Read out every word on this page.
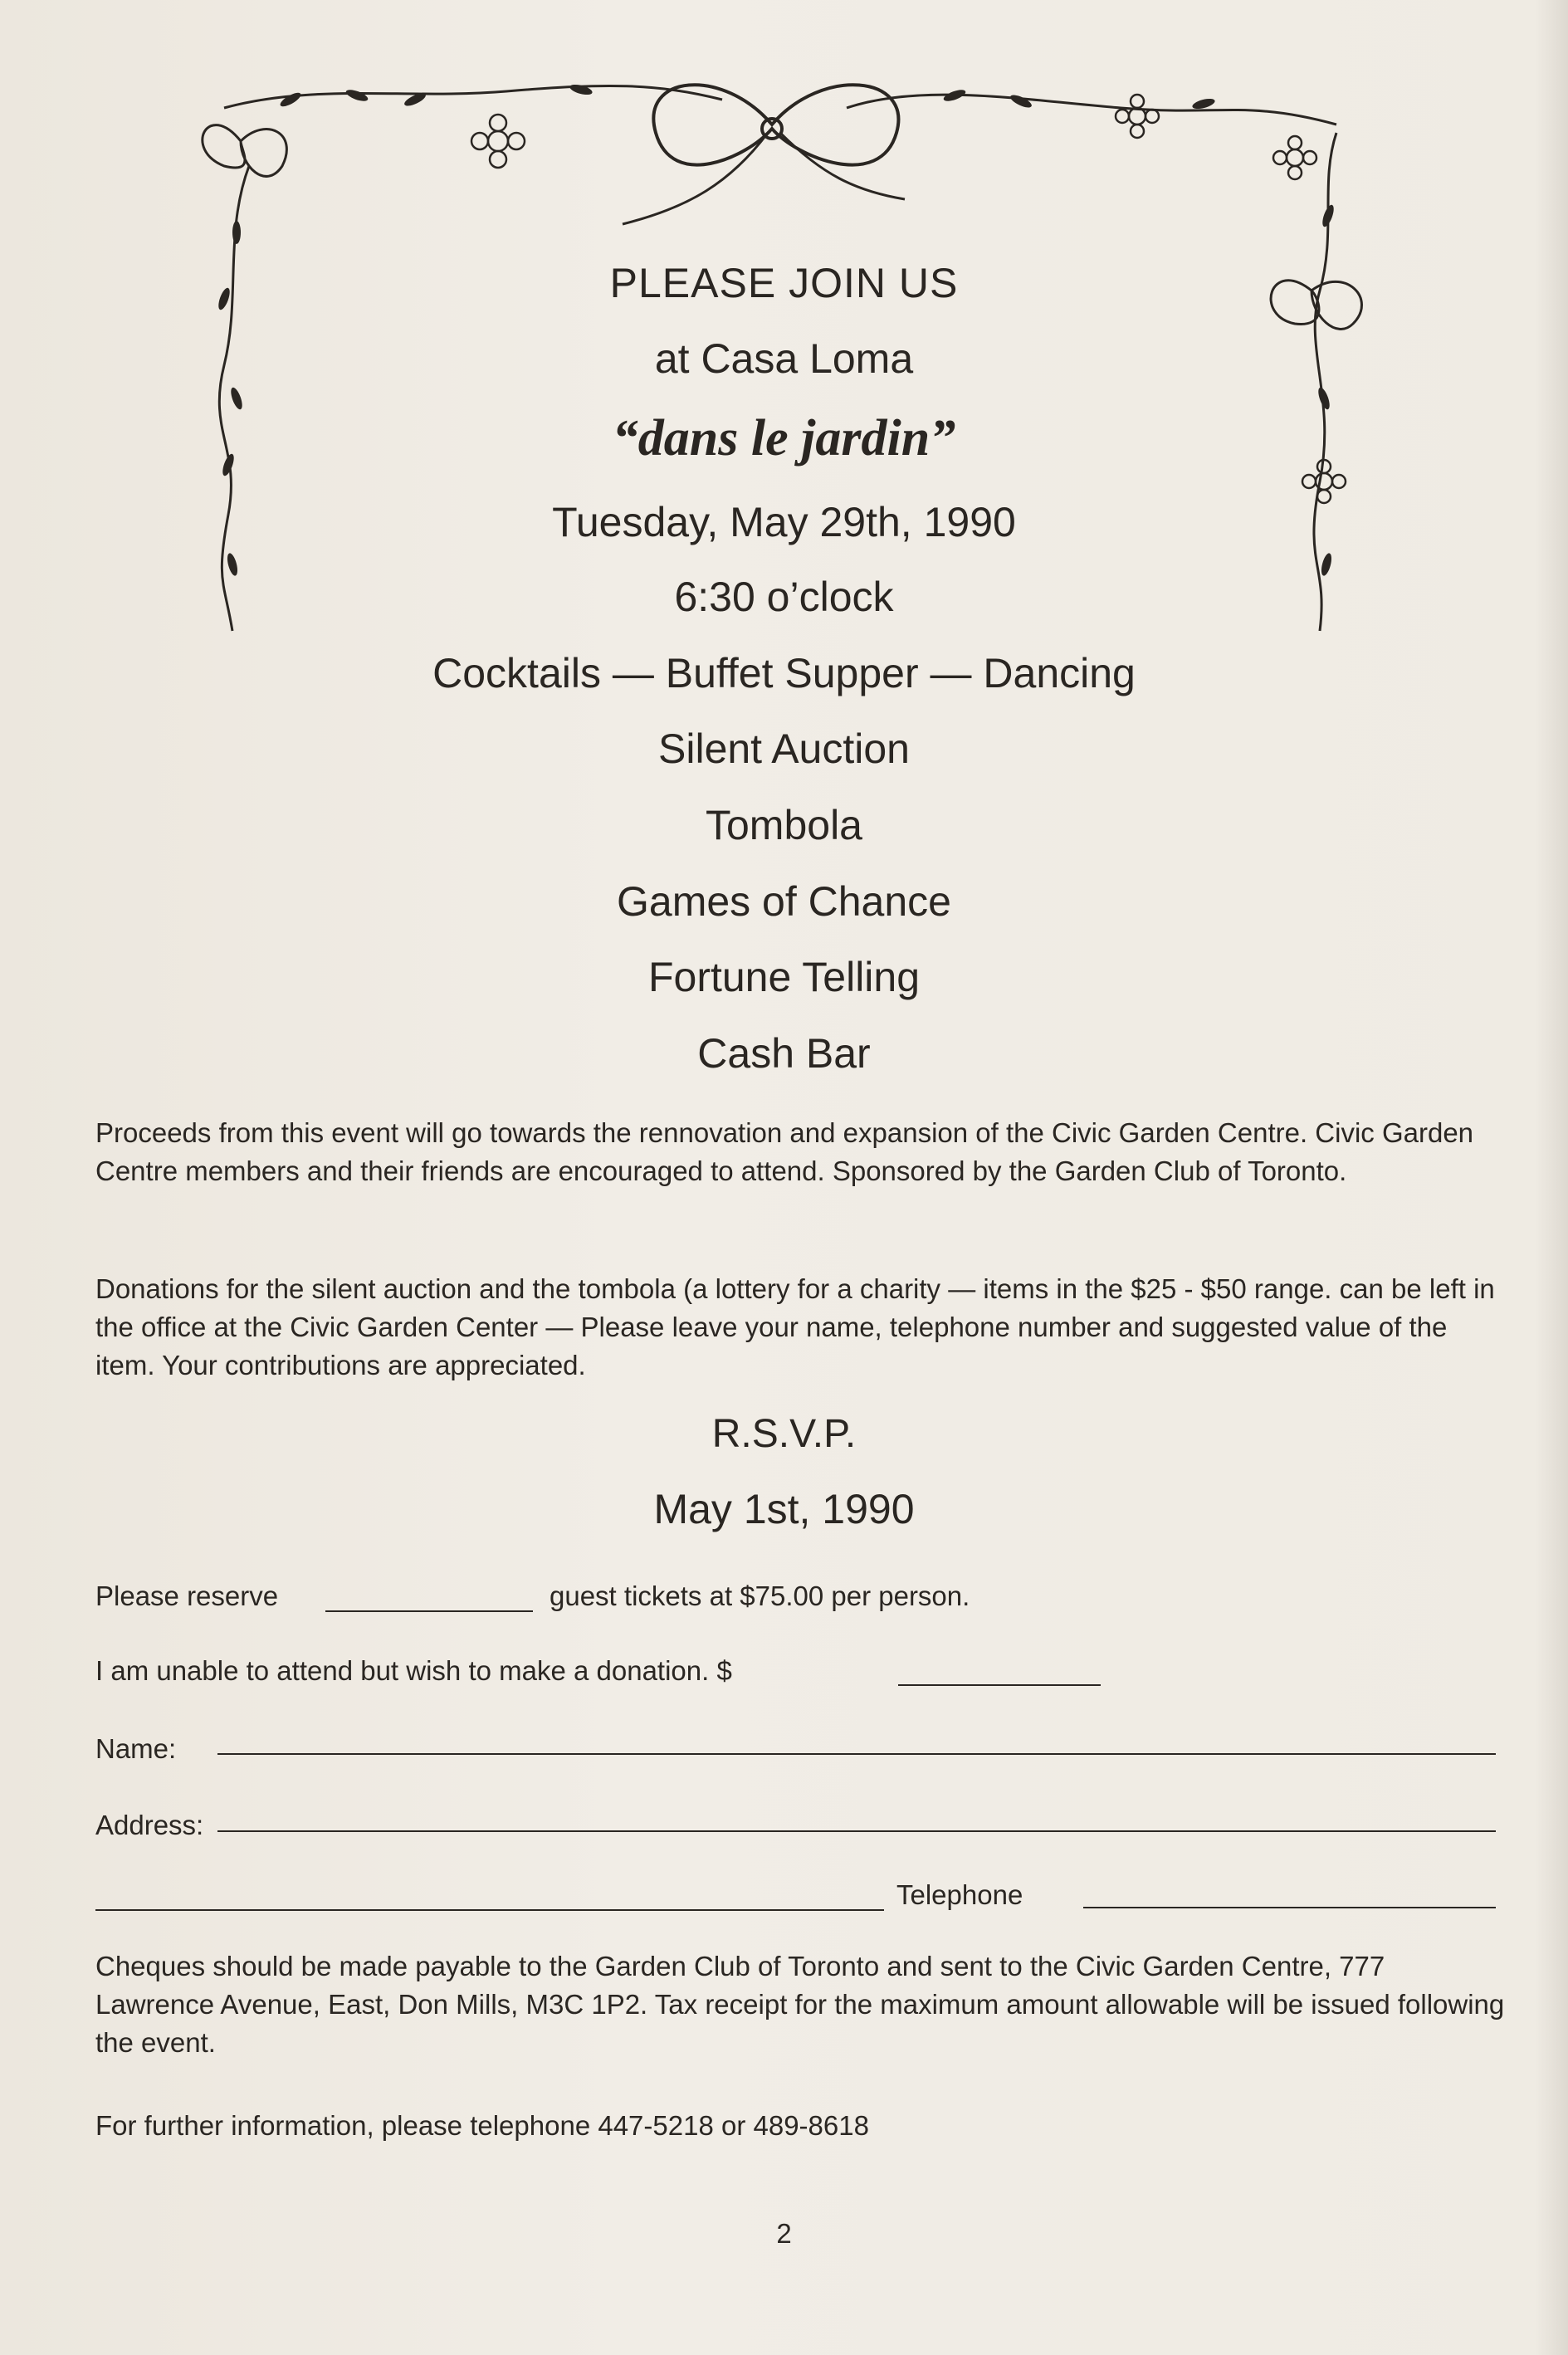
PLEASE JOIN US
at Casa Loma
“dans le jardin”
Tuesday, May 29th, 1990
6:30 o’clock
Cocktails — Buffet Supper — Dancing
Silent Auction
Tombola
Games of Chance
Fortune Telling
Cash Bar

Proceeds from this event will go towards the rennovation and expansion of the Civic Garden Centre. Civic Garden Centre members and their friends are encouraged to attend. Sponsored by the Garden Club of Toronto.

Donations for the silent auction and the tombola (a lottery for a charity — items in the $25 - $50 range. can be left in the office at the Civic Garden Center — Please leave your name, telephone number and suggested value of the item. Your contributions are appreciated.

R.S.V.P.
May 1st, 1990
Please reserve	guest tickets at $75.00 per person.
I am unable to attend but wish to make a donation. $
Name:
Address:
Telephone

Cheques should be made payable to the Garden Club of Toronto and sent to the Civic Garden Centre, 777 Lawrence Avenue, East, Don Mills, M3C 1P2. Tax receipt for the maximum amount allowable will be issued following the event.

For further information, please telephone 447-5218 or 489-8618

2
